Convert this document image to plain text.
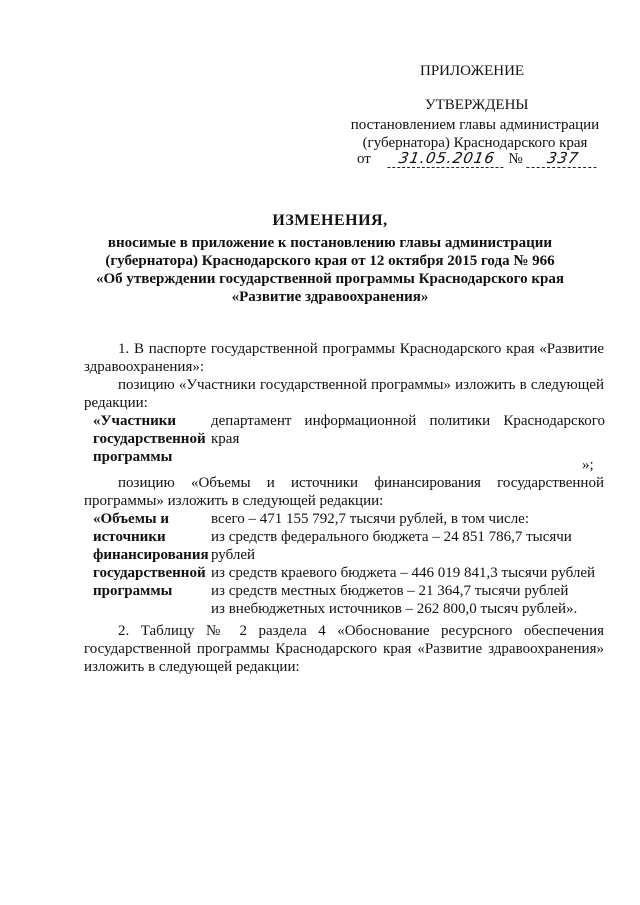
ПРИЛОЖЕНИЕ
УТВЕРЖДЕНЫ
постановлением главы администрации
(губернатора) Краснодарского края
от 31.05.2016 № 337
ИЗМЕНЕНИЯ,
вносимые в приложение к постановлению главы администрации
(губернатора) Краснодарского края от 12 октября 2015 года № 966
«Об утверждении государственной программы Краснодарского края
«Развитие здравоохранения»
1. В паспорте государственной программы Краснодарского края «Развитие здравоохранения»:
позицию «Участники государственной программы» изложить в следующей редакции:
«Участники государственной программы
департамент информационной политики Краснодарского края
»;
позицию «Объемы и источники финансирования государственной программы» изложить в следующей редакции:
«Объемы и источники финансирования государственной программы
всего – 471 155 792,7 тысячи рублей, в том числе:
из средств федерального бюджета – 24 851 786,7 тысячи
рублей
из средств краевого бюджета – 446 019 841,3 тысячи рублей
из средств местных бюджетов – 21 364,7 тысячи рублей
из внебюджетных источников – 262 800,0 тысяч рублей».
2. Таблицу № 2 раздела 4 «Обоснование ресурсного обеспечения государственной программы Краснодарского края «Развитие здравоохранения» изложить в следующей редакции:
